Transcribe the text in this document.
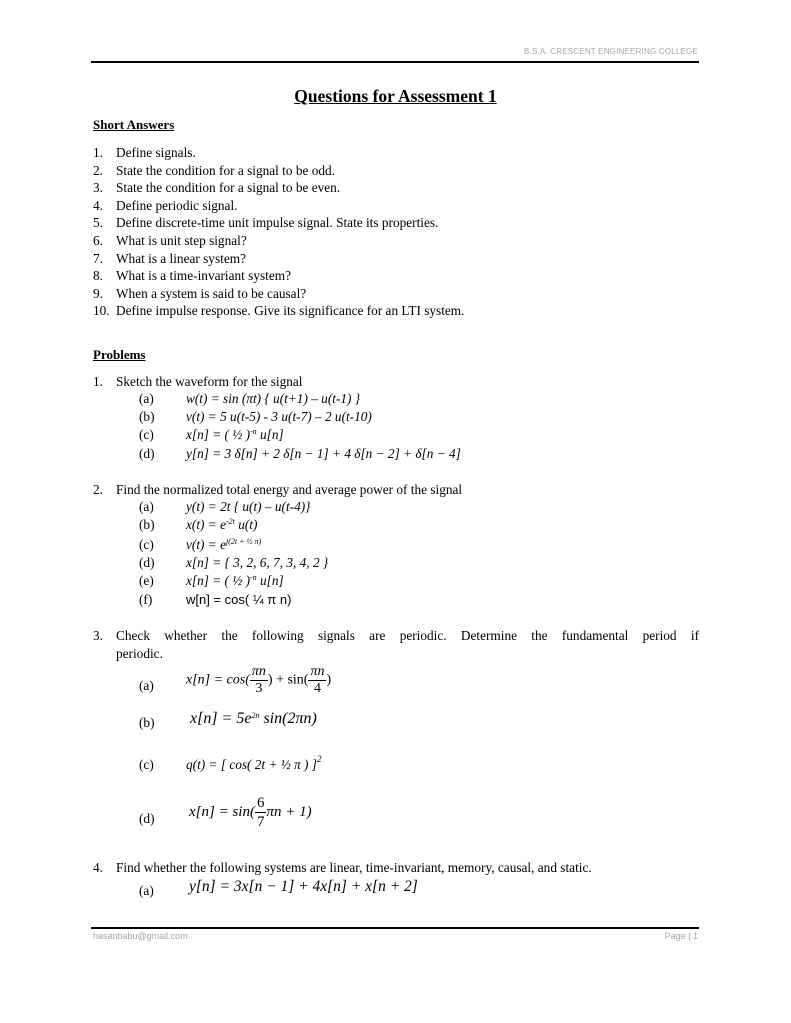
B.S.A. CRESCENT ENGINEERING COLLEGE
Questions for Assessment 1
Short Answers
1. Define signals.
2. State the condition for a signal to be odd.
3. State the condition for a signal to be even.
4. Define periodic signal.
5. Define discrete-time unit impulse signal. State its properties.
6. What is unit step signal?
7. What is a linear system?
8. What is a time-invariant system?
9. When a system is said to be causal?
10. Define impulse response. Give its significance for an LTI system.
Problems
1. Sketch the waveform for the signal
(a) w(t) = sin (πt) { u(t+1) – u(t-1) }
(b) v(t) = 5 u(t-5) - 3 u(t-7) – 2 u(t-10)
(c) x[n] = ( ½ )$^{-n}$ u[n]
(d) y[n] = 3 δ[n] + 2 δ[n − 1] + 4 δ[n − 2] + δ[n − 4]
2. Find the normalized total energy and average power of the signal
(a) y(t) = 2t { u(t) – u(t-4)}
(b) $x(t) = e^{-2t}$ u(t)
(c) $v(t) = e^{j(2t + \frac{1}{2} \pi)}$
(d) x[n] = { 3, 2, 6, 7, 3, 4, 2 }
(e) x[n] = ( ½ )$^{-n}$ u[n]
(f)	w[n] = cos( ¼ π n)
3. Check whether the following signals are periodic. Determine the fundamental period if
periodic.
(a) $x[n] = \cos( \frac{\pi n}{3}$ ) + $\sin( \frac{\pi n}{4}$ )
(b) $x[n] = 5e^{2n}$ sin(2πn)
(c) q(t) = [ cos( 2t + ½ π ) ]$^2$
(d) $x[n] = \sin( \frac{6}{7}$ πn + 1)
4. Find whether the following systems are linear, time-invariant, memory, causal, and static.
(a) y[n] = 3x[n − 1] + 4x[n] + x[n + 2]
hasanbabu@gmail.com	Page | 1
